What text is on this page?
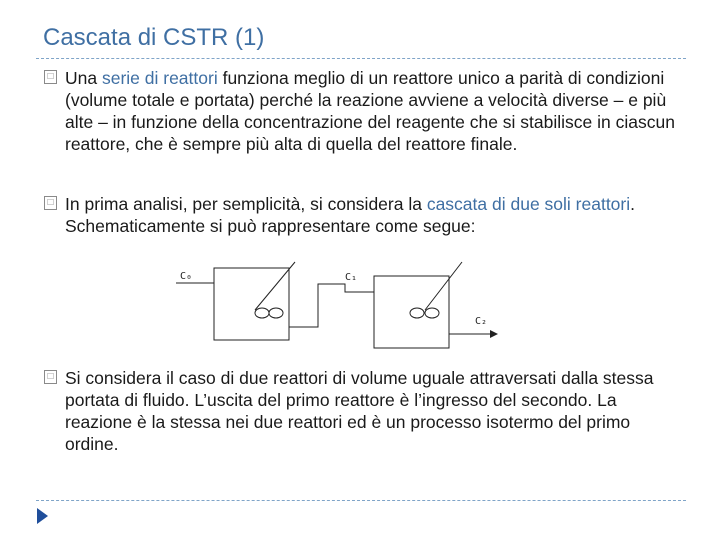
Cascata di CSTR (1)
□ Una serie di reattori funziona meglio di un reattore unico a parità di condizioni (volume totale e portata) perché la reazione avviene a velocità diverse – e più alte – in funzione della concentrazione del reagente che si stabilisce in ciascun reattore, che è sempre più alta di quella del reattore finale.
□ In prima analisi, per semplicità, si considera la cascata di due soli reattori. Schematicamente si può rappresentare come segue:
C₀	C₁
C₂
□ Si considera il caso di due reattori di volume uguale attraversati dalla stessa portata di fluido. L’uscita del primo reattore è l’ingresso del secondo. La reazione è la stessa nei due reattori ed è un processo isotermo del primo ordine.
